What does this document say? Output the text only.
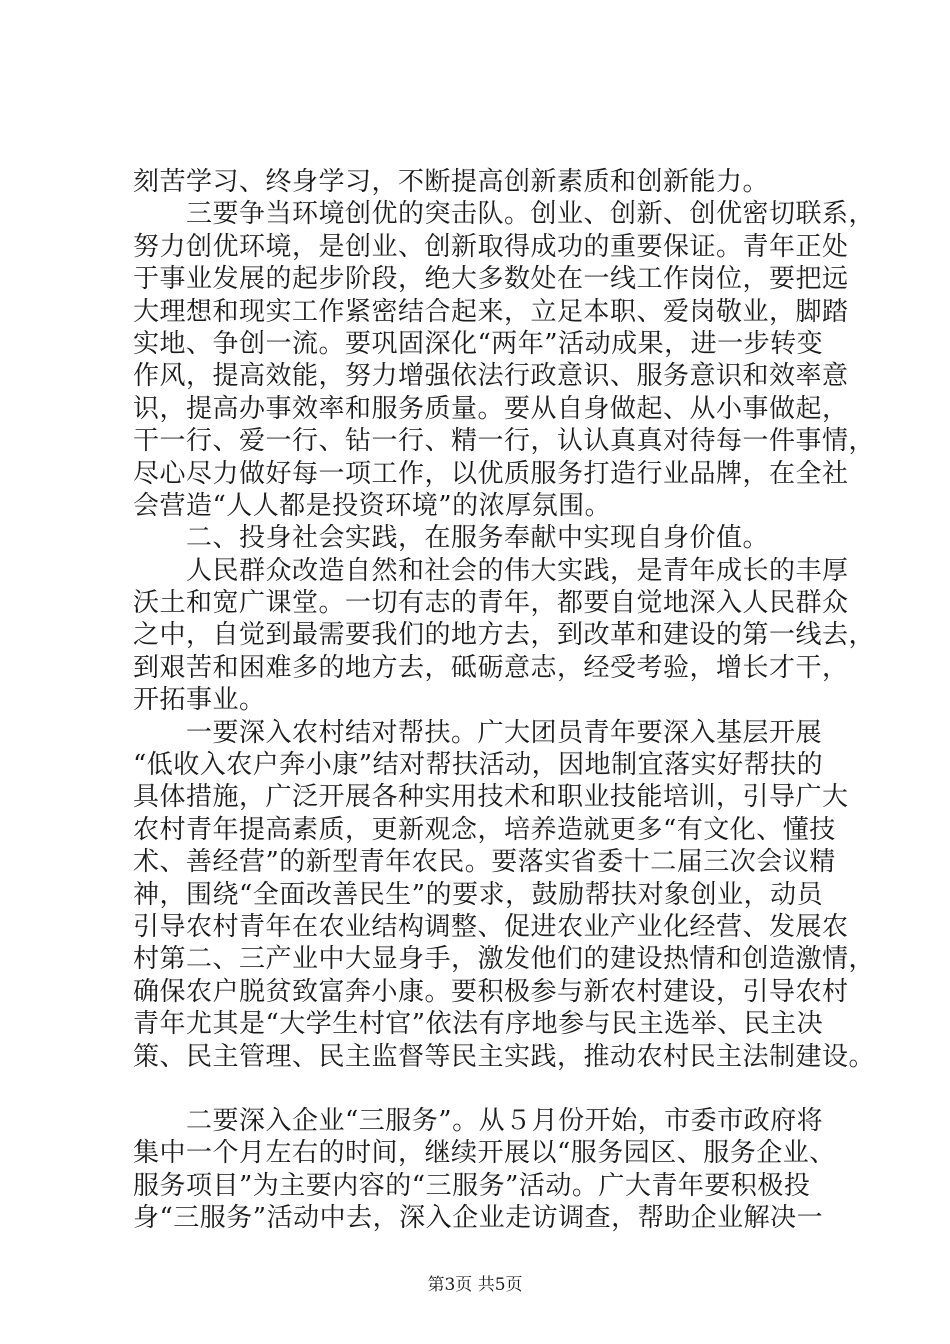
刻苦学习、终身学习，不断提高创新素质和创新能力。
　　三要争当环境创优的突击队。创业、创新、创优密切联系，
努力创优环境，是创业、创新取得成功的重要保证。青年正处
于事业发展的起步阶段，绝大多数处在一线工作岗位，要把远
大理想和现实工作紧密结合起来，立足本职、爱岗敬业，脚踏
实地、争创一流。要巩固深化“两年”活动成果，进一步转变
作风，提高效能，努力增强依法行政意识、服务意识和效率意
识，提高办事效率和服务质量。要从自身做起、从小事做起，
干一行、爱一行、钻一行、精一行，认认真真对待每一件事情，
尽心尽力做好每一项工作，以优质服务打造行业品牌，在全社
会营造“人人都是投资环境”的浓厚氛围。
　　二、投身社会实践，在服务奉献中实现自身价值。
　　人民群众改造自然和社会的伟大实践，是青年成长的丰厚
沃土和宽广课堂。一切有志的青年，都要自觉地深入人民群众
之中，自觉到最需要我们的地方去，到改革和建设的第一线去，
到艰苦和困难多的地方去，砥砺意志，经受考验，增长才干，
开拓事业。
　　一要深入农村结对帮扶。广大团员青年要深入基层开展
“低收入农户奔小康”结对帮扶活动，因地制宜落实好帮扶的
具体措施，广泛开展各种实用技术和职业技能培训，引导广大
农村青年提高素质，更新观念，培养造就更多“有文化、懂技
术、善经营”的新型青年农民。要落实省委十二届三次会议精
神，围绕“全面改善民生”的要求，鼓励帮扶对象创业，动员
引导农村青年在农业结构调整、促进农业产业化经营、发展农
村第二、三产业中大显身手，激发他们的建设热情和创造激情，
确保农户脱贫致富奔小康。要积极参与新农村建设，引导农村
青年尤其是“大学生村官”依法有序地参与民主选举、民主决
策、民主管理、民主监督等民主实践，推动农村民主法制建设。
　　二要深入企业“三服务”。从５月份开始，市委市政府将
集中一个月左右的时间，继续开展以“服务园区、服务企业、
服务项目”为主要内容的“三服务”活动。广大青年要积极投
身“三服务”活动中去，深入企业走访调查，帮助企业解决一
第3页 共5页
